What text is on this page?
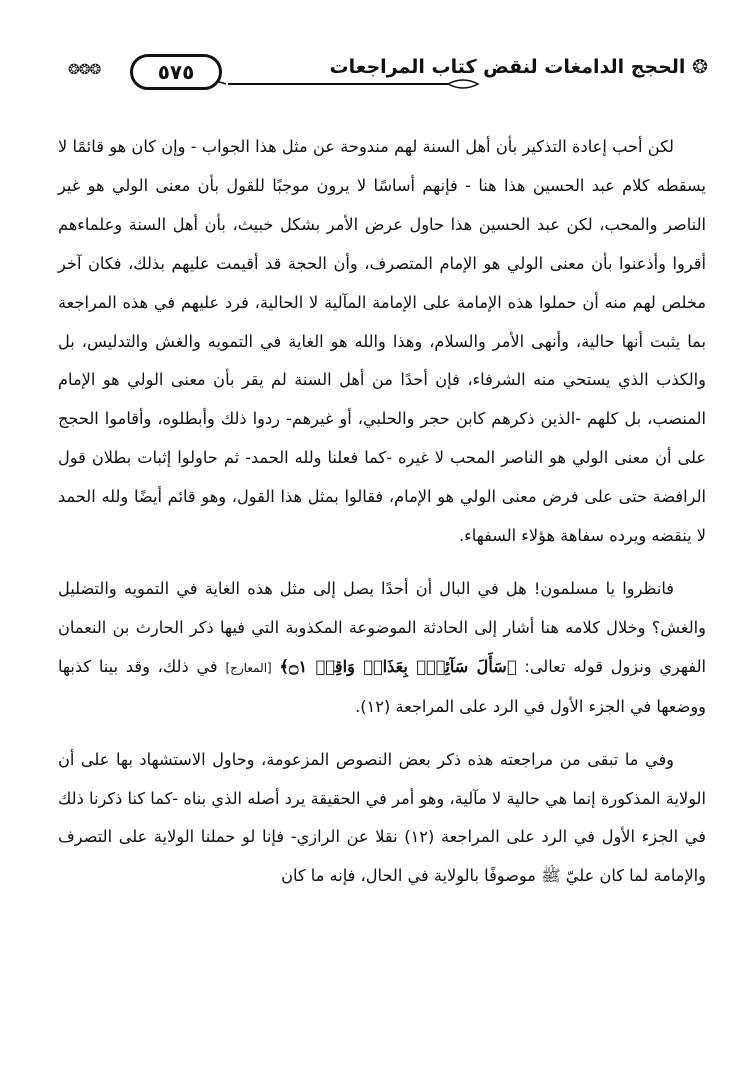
❂❂❂	٥٧٥	❂ الحجج الدامغات لنقض كتاب المراجعات

لكن أحب إعادة التذكير بأن أهل السنة لهم مندوحة عن مثل هذا الجواب - وإن كان هو قائمًا لا يسقطه كلام عبد الحسين هذا هنا - فإنهم أساسًا لا يرون موجبًا للقول بأن معنى الولي هو غير الناصر والمحب، لكن عبد الحسين هذا حاول عرض الأمر بشكل خبيث، بأن أهل السنة وعلماءهم أقروا وأذعنوا بأن معنى الولي هو الإمام المتصرف، وأن الحجة قد أقيمت عليهم بذلك، فكان آخر مخلص لهم منه أن حملوا هذه الإمامة على الإمامة المآلية لا الحالية، فرد عليهم في هذه المراجعة بما يثبت أنها حالية، وأنهى الأمر والسلام، وهذا والله هو الغاية في التمويه والغش والتدليس، بل والكذب الذي يستحي منه الشرفاء، فإن أحدًا من أهل السنة لم يقر بأن معنى الولي هو الإمام المنصب، بل كلهم -الذين ذكرهم كابن حجر والحلبي، أو غيرهم- ردوا ذلك وأبطلوه، وأقاموا الحجج على أن معنى الولي هو الناصر المحب لا غيره -كما فعلنا ولله الحمد- ثم حاولوا إثبات بطلان قول الرافضة حتى على فرض معنى الولي هو الإمام، فقالوا بمثل هذا القول، وهو قائم أيضًا ولله الحمد لا ينقضه ويرده سفاهة هؤلاء السفهاء.

فانظروا يا مسلمون! هل في البال أن أحدًا يصل إلى مثل هذه الغاية في التمويه والتضليل والغش؟ وخلال كلامه هنا أشار إلى الحادثة الموضوعة المكذوبة التي فيها ذكر الحارث بن النعمان الفهري ونزول قوله تعالى: ﴿سَأَلَ سَآئِلٌۢ بِعَذَابٖ وَاقِعٖ ۝١﴾ [المعارج] في ذلك، وقد بينا كذبها ووضعها في الجزء الأول في الرد على المراجعة (١٢).

وفي ما تبقى من مراجعته هذه ذكر بعض النصوص المزعومة، وحاول الاستشهاد بها على أن الولاية المذكورة إنما هي حالية لا مآلية، وهو أمر في الحقيقة يرد أصله الذي بناه -كما كنا ذكرنا ذلك في الجزء الأول في الرد على المراجعة (١٢) نقلا عن الرازي- فإنا لو حملنا الولاية على التصرف والإمامة لما كان عليّ ﷺ موصوفًا بالولاية في الحال، فإنه ما كان
